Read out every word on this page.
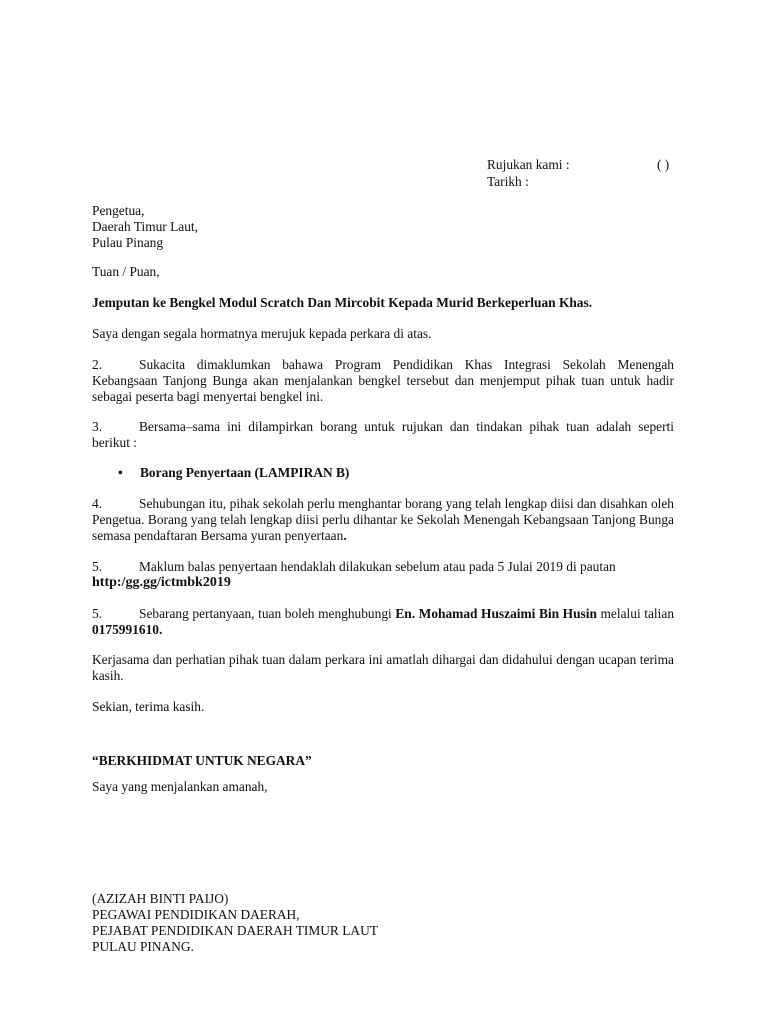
Rujukan kami :	( )
Tarikh :
Pengetua,
Daerah Timur Laut,
Pulau Pinang
Tuan / Puan,
Jemputan ke Bengkel Modul Scratch Dan Mircobit Kepada Murid Berkeperluan Khas.
Saya dengan segala hormatnya merujuk kepada perkara di atas.
2.	Sukacita dimaklumkan bahawa Program Pendidikan Khas Integrasi Sekolah Menengah Kebangsaan Tanjong Bunga akan menjalankan bengkel tersebut dan menjemput pihak tuan untuk hadir sebagai peserta bagi menyertai bengkel ini.
3.	Bersama–sama ini dilampirkan borang untuk rujukan dan tindakan pihak tuan adalah seperti berikut :
• Borang Penyertaan (LAMPIRAN B)
4.	Sehubungan itu, pihak sekolah perlu menghantar borang yang telah lengkap diisi dan disahkan oleh Pengetua. Borang yang telah lengkap diisi perlu dihantar ke Sekolah Menengah Kebangsaan Tanjong Bunga semasa pendaftaran Bersama yuran penyertaan.
5.	Maklum balas penyertaan hendaklah dilakukan sebelum atau pada 5 Julai 2019 di pautan
http:/gg.gg/ictmbk2019
5.	Sebarang pertanyaan, tuan boleh menghubungi En. Mohamad Huszaimi Bin Husin melalui talian 0175991610.
Kerjasama dan perhatian pihak tuan dalam perkara ini amatlah dihargai dan didahului dengan ucapan terima kasih.
Sekian, terima kasih.
“BERKHIDMAT UNTUK NEGARA”
Saya yang menjalankan amanah,
(AZIZAH BINTI PAIJO)
PEGAWAI PENDIDIKAN DAERAH,
PEJABAT PENDIDIKAN DAERAH TIMUR LAUT
PULAU PINANG.
